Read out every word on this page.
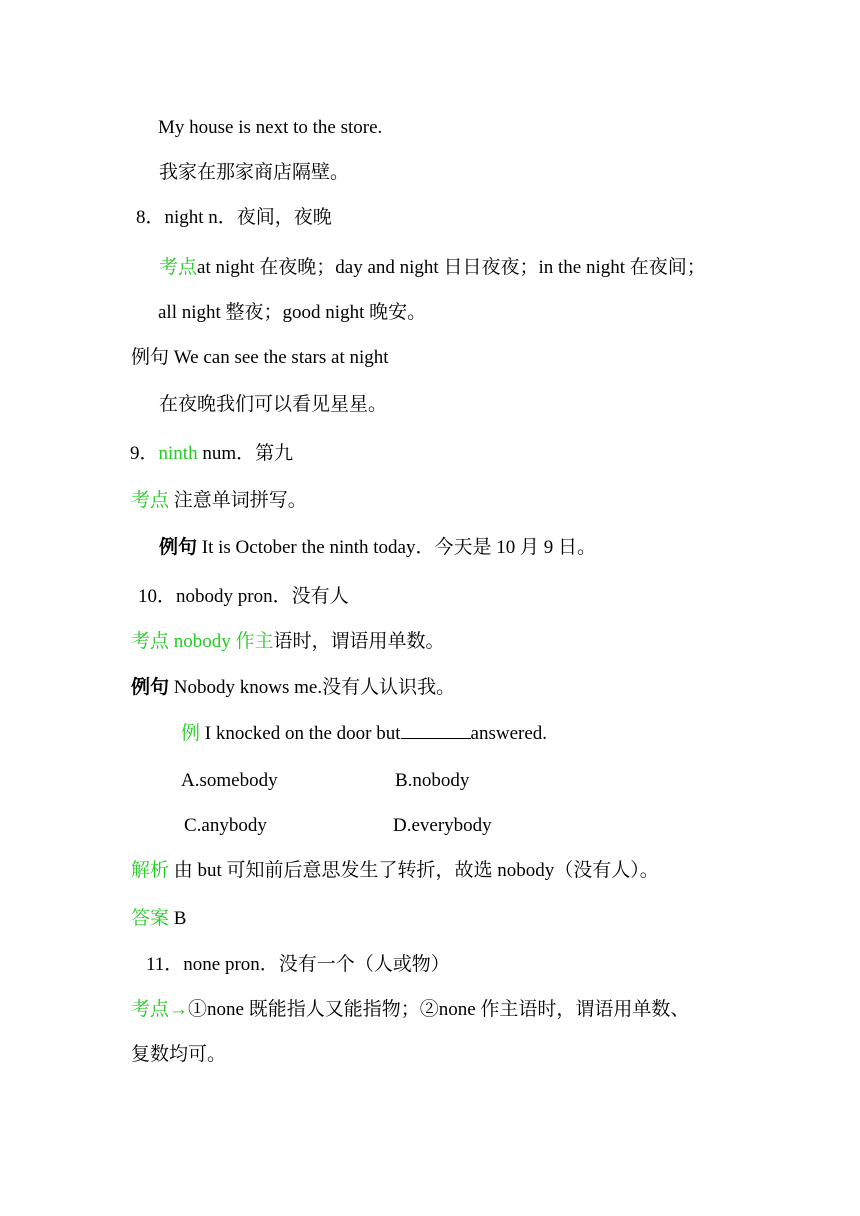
My house is next to the store.
我家在那家商店隔壁。
8．night n．夜间，夜晚
考点at night 在夜晚；day and night 日日夜夜；in the night 在夜间；
all night 整夜；good night 晚安。
例句 We can see the stars at night
在夜晚我们可以看见星星。
9．ninth num．第九
考点 注意单词拼写。
例句 It is October the ninth today．今天是 10 月 9 日。
10．nobody pron．没有人
考点 nobody 作主语时，谓语用单数。
例句 Nobody knows me.没有人认识我。
例 I knocked on the door but	answered.
A.somebody	B.nobody
C.anybody	D.everybody
解析 由 but 可知前后意思发生了转折，故选 nobody（没有人）。
答案 B
11．none pron．没有一个（人或物）
考点→①none 既能指人又能指物；②none 作主语时，谓语用单数、
复数均可。
